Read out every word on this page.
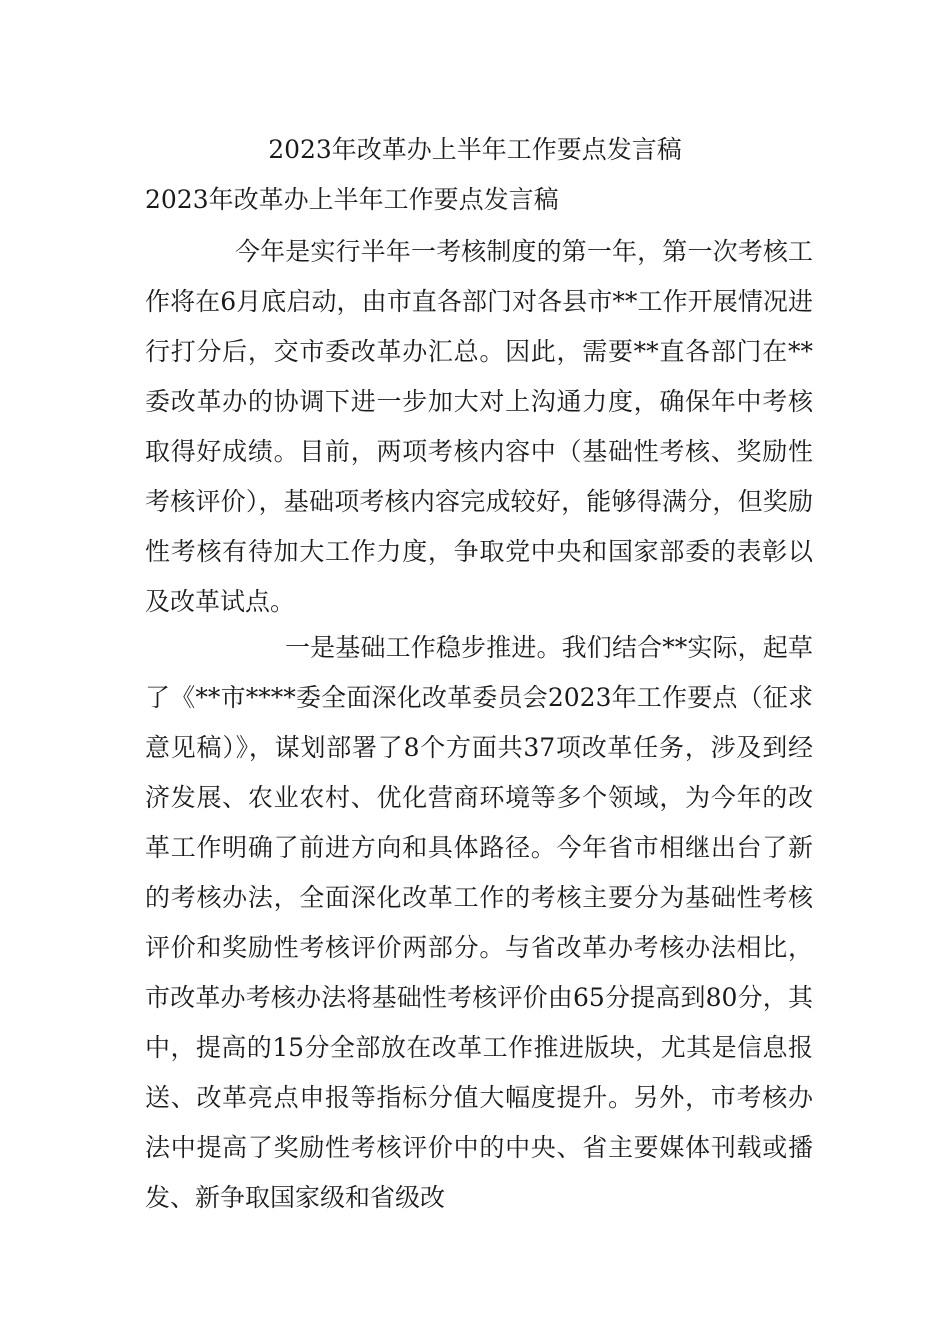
2023年改革办上半年工作要点发言稿
2023年改革办上半年工作要点发言稿

今年是实行半年一考核制度的第一年，第一次考核工作将在6月底启动，由市直各部门对各县市**工作开展情况进行打分后，交市委改革办汇总。因此，需要**直各部门在**委改革办的协调下进一步加大对上沟通力度，确保年中考核取得好成绩。目前，两项考核内容中（基础性考核、奖励性考核评价），基础项考核内容完成较好，能够得满分，但奖励性考核有待加大工作力度，争取党中央和国家部委的表彰以及改革试点。

一是基础工作稳步推进。我们结合**实际，起草了《**市****委全面深化改革委员会2023年工作要点（征求意见稿）》，谋划部署了8个方面共37项改革任务，涉及到经济发展、农业农村、优化营商环境等多个领域，为今年的改革工作明确了前进方向和具体路径。今年省市相继出台了新的考核办法，全面深化改革工作的考核主要分为基础性考核评价和奖励性考核评价两部分。与省改革办考核办法相比，市改革办考核办法将基础性考核评价由65分提高到80分，其中，提高的15分全部放在改革工作推进版块，尤其是信息报送、改革亮点申报等指标分值大幅度提升。另外，市考核办法中提高了奖励性考核评价中的中央、省主要媒体刊载或播发、新争取国家级和省级改
